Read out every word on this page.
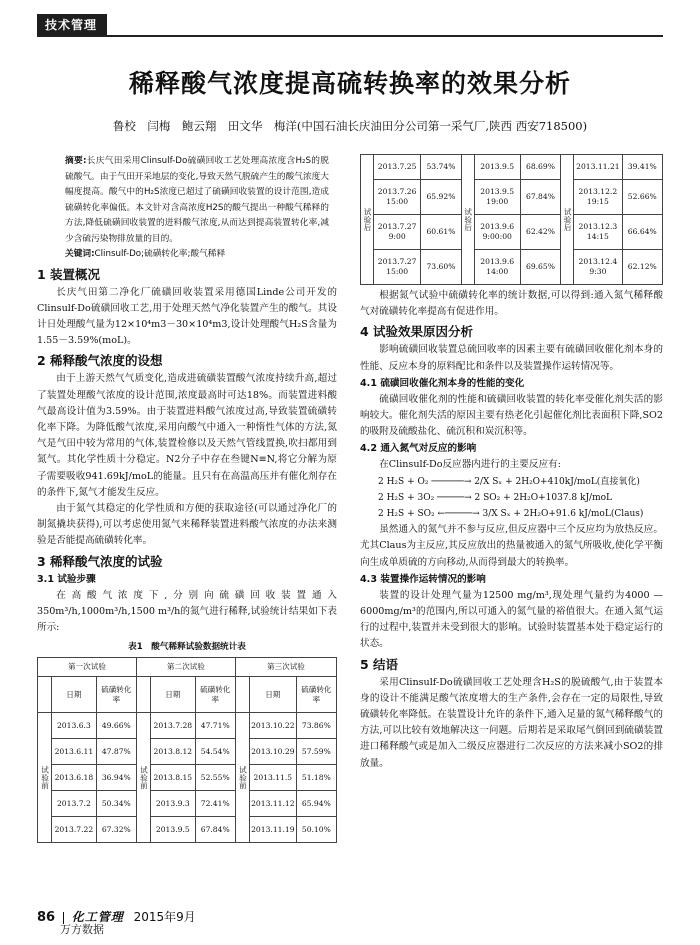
技术管理
稀释酸气浓度提高硫转换率的效果分析
鲁校　闫梅　鲍云翔　田文华　梅洋(中国石油长庆油田分公司第一采气厂,陕西 西安718500)

摘要:长庆气田采用Clinsulf-Do硫磺回收工艺处理高浓度含H₂S的脱硫酸气。由于气田开采地层的变化,导致天然气脱硫产生的酸气浓度大幅度提高。酸气中的H₂S浓度已超过了硫磺回收装置的设计范围,造成硫磺转化率偏低。本文针对含高浓度H2S的酸气提出一种酸气稀释的方法,降低硫磺回收装置的进料酸气浓度,从而达到提高装置转化率,减少含硫污染物排放量的目的。

关键词:Clinsulf-Do;硫磺转化率;酸气稀释

1 装置概况

长庆气田第二净化厂硫磺回收装置采用德国Linde公司开发的Clinsulf-Do硫磺回收工艺,用于处理天然气净化装置产生的酸气。其设计日处理酸气量为12×10⁴m3－30×10⁴m3,设计处理酸气H₂S含量为1.55－3.59%(moL)。

2 稀释酸气浓度的设想

由于上游天然气气质变化,造成进硫磺装置酸气浓度持续升高,超过了装置处理酸气浓度的设计范围,浓度最高时可达18%。而装置进料酸气最高设计值为3.59%。由于装置进料酸气浓度过高,导致装置硫磺转化率下降。为降低酸气浓度,采用向酸气中通入一种惰性气体的方法,氮气是气田中较为常用的气体,装置检修以及天然气管线置换,吹扫都用到氮气。其化学性质十分稳定。N2分子中存在叁键N≡N,将它分解为原子需要吸收941.69kJ/moL的能量。且只有在高温高压并有催化剂存在的条件下,氮气才能发生反应。

由于氮气其稳定的化学性质和方便的获取途径(可以通过净化厂的制氮撬块获得),可以考虑使用氮气来稀释装置进料酸气浓度的办法来测验是否能提高硫磺转化率。

3 稀释酸气浓度的试验
3.1 试验步骤

在高酸气浓度下,分别向硫磺回收装置通入350m³/h,1000m³/h,1500 m³/h的氮气进行稀释,试验统计结果如下表所示:

表1　酸气稀释试验数据统计表
第一次试验			第二次试验			第三次试验		
	日期	硫磺转化率		日期	硫磺转化率		日期	硫磺转化率
试验前	2013.6.3	49.66%	试验前	2013.7.28	47.71%	试验前	2013.10.22	73.86%
	2013.6.11	47.87%		2013.8.12	54.54%		2013.10.29	57.59%
	2013.6.18	36.94%		2013.8.15	52.55%		2013.11.5	51.18%
	2013.7.2	50.34%		2013.9.3	72.41%		2013.11.12	65.94%
	2013.7.22	67.32%		2013.9.5	67.84%		2013.11.19	50.10%
试验后	2013.7.25	53.74%	试验后	2013.9.5	68.69%	试验后	2013.11.21	39.41%
	2013.7.26 15:00	65.92%		2013.9.5 19:00	67.84%		2013.12.2 19:15	52.66%
	2013.7.27 9:00	60.61%		2013.9.6 9:00:00	62.42%		2013.12.3 14:15	66.64%
	2013.7.27 15:00	73.60%		2013.9.6 14:00	69.65%		2013.12.4 9:30	62.12%

根据氮气试验中硫磺转化率的统计数据,可以得到:通入氮气稀释酸气对硫磺转化率提高有促进作用。

4 试验效果原因分析

影响硫磺回收装置总硫回收率的因素主要有硫磺回收催化剂本身的性能、反应本身的原料配比和条件以及装置操作运转情况等。

4.1 硫磺回收催化剂本身的性能的变化

硫磺回收催化剂的性能和硫磺回收装置的转化率受催化剂失活的影响较大。催化剂失活的原因主要有热老化引起催化剂比表面积下降,SO2的吸附及硫酸盐化、硫沉积和炭沉积等。

4.2 通入氮气对反应的影响

在Clinsulf-Do反应器内进行的主要反应有:

2 H₂S + O₂ ──────→ 2/X Sₓ + 2H₂O+410kJ/moL(直接氧化)

2 H₂S + 3O₂ ─────→ 2 SO₂ + 2H₂O+1037.8 kJ/moL

2 H₂S + SO₂ ←─────→ 3/X Sₓ + 2H₂O+91.6 kJ/moL(Claus)

虽然通入的氮气并不参与反应,但反应器中三个反应均为放热反应。尤其Claus为主反应,其反应放出的热量被通入的氮气所吸收,使化学平衡向生成单质硫的方向移动,从而得到最大的转换率。

4.3 装置操作运转情况的影响

装置的设计处理气量为12500 mg/m³,现处理气量约为4000 —6000mg/m³的范围内,所以可通入的氮气量的裕值很大。在通入氮气运行的过程中,装置并未受到很大的影响。试验时装置基本处于稳定运行的状态。

5 结语

采用Clinsulf-Do硫磺回收工艺处理含H₂S的脱硫酸气,由于装置本身的设计不能满足酸气浓度增大的生产条件,会存在一定的局限性,导致硫磺转化率降低。在装置设计允许的条件下,通入足量的氮气稀释酸气的方法,可以比较有效地解决这一问题。后期若是采取尾气倒回到硫磺装置进口稀释酸气或是加入二级反应器进行二次反应的方法来减小SO2的排放量。

86 化工管理 2015年9月
万方数据
